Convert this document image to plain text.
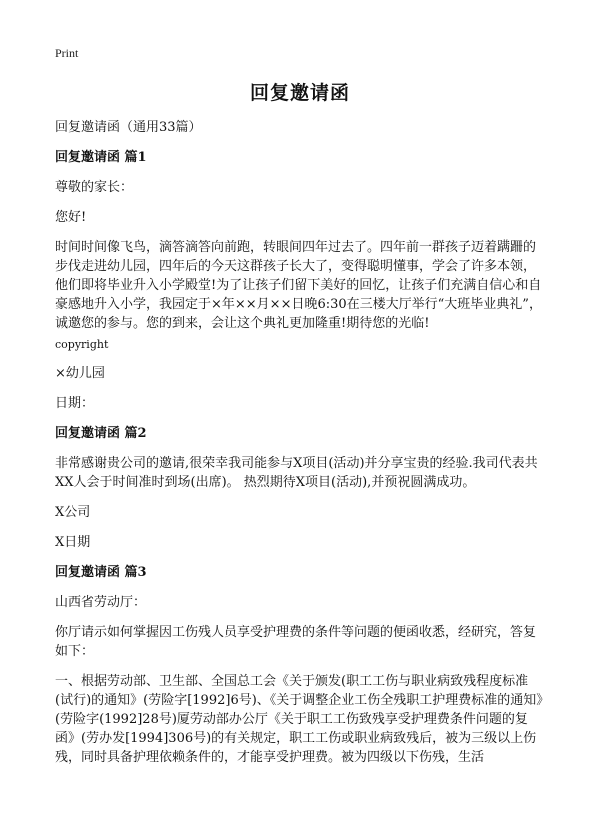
Print
回复邀请函
回复邀请函（通用33篇）
回复邀请函 篇1
尊敬的家长：
您好!
时间时间像飞鸟，滴答滴答向前跑，转眼间四年过去了。四年前一群孩子迈着蹒跚的步伐走进幼儿园，四年后的今天这群孩子长大了，变得聪明懂事，学会了许多本领，他们即将毕业升入小学殿堂!为了让孩子们留下美好的回忆，让孩子们充满自信心和自豪感地升入小学，我园定于×年××月××日晚6:30在三楼大厅举行“大班毕业典礼”，诚邀您的参与。您的到来，会让这个典礼更加隆重!期待您的光临!
copyright
×幼儿园
日期：
回复邀请函 篇2
非常感谢贵公司的邀请,很荣幸我司能参与X项目(活动)并分享宝贵的经验.我司代表共XX人会于时间准时到场(出席)。 热烈期待X项目(活动),并预祝圆满成功。
X公司
X日期
回复邀请函 篇3
山西省劳动厅：
你厅请示如何掌握因工伤残人员享受护理费的条件等问题的便函收悉，经研究，答复如下：
一、根据劳动部、卫生部、全国总工会《关于颁发(职工工伤与职业病致残程度标准(试行)的通知》(劳险字[1992]6号)、《关于调整企业工伤全残职工护理费标准的通知》(劳险字(1992]28号)厦劳动部办公厅《关于职工工伤致残享受护理费条件问题的复函》(劳办发[1994]306号)的有关规定，职工工伤或职业病致残后，被为三级以上伤残，同时具备护理依赖条件的，才能享受护理费。被为四级以下伤残，生活
